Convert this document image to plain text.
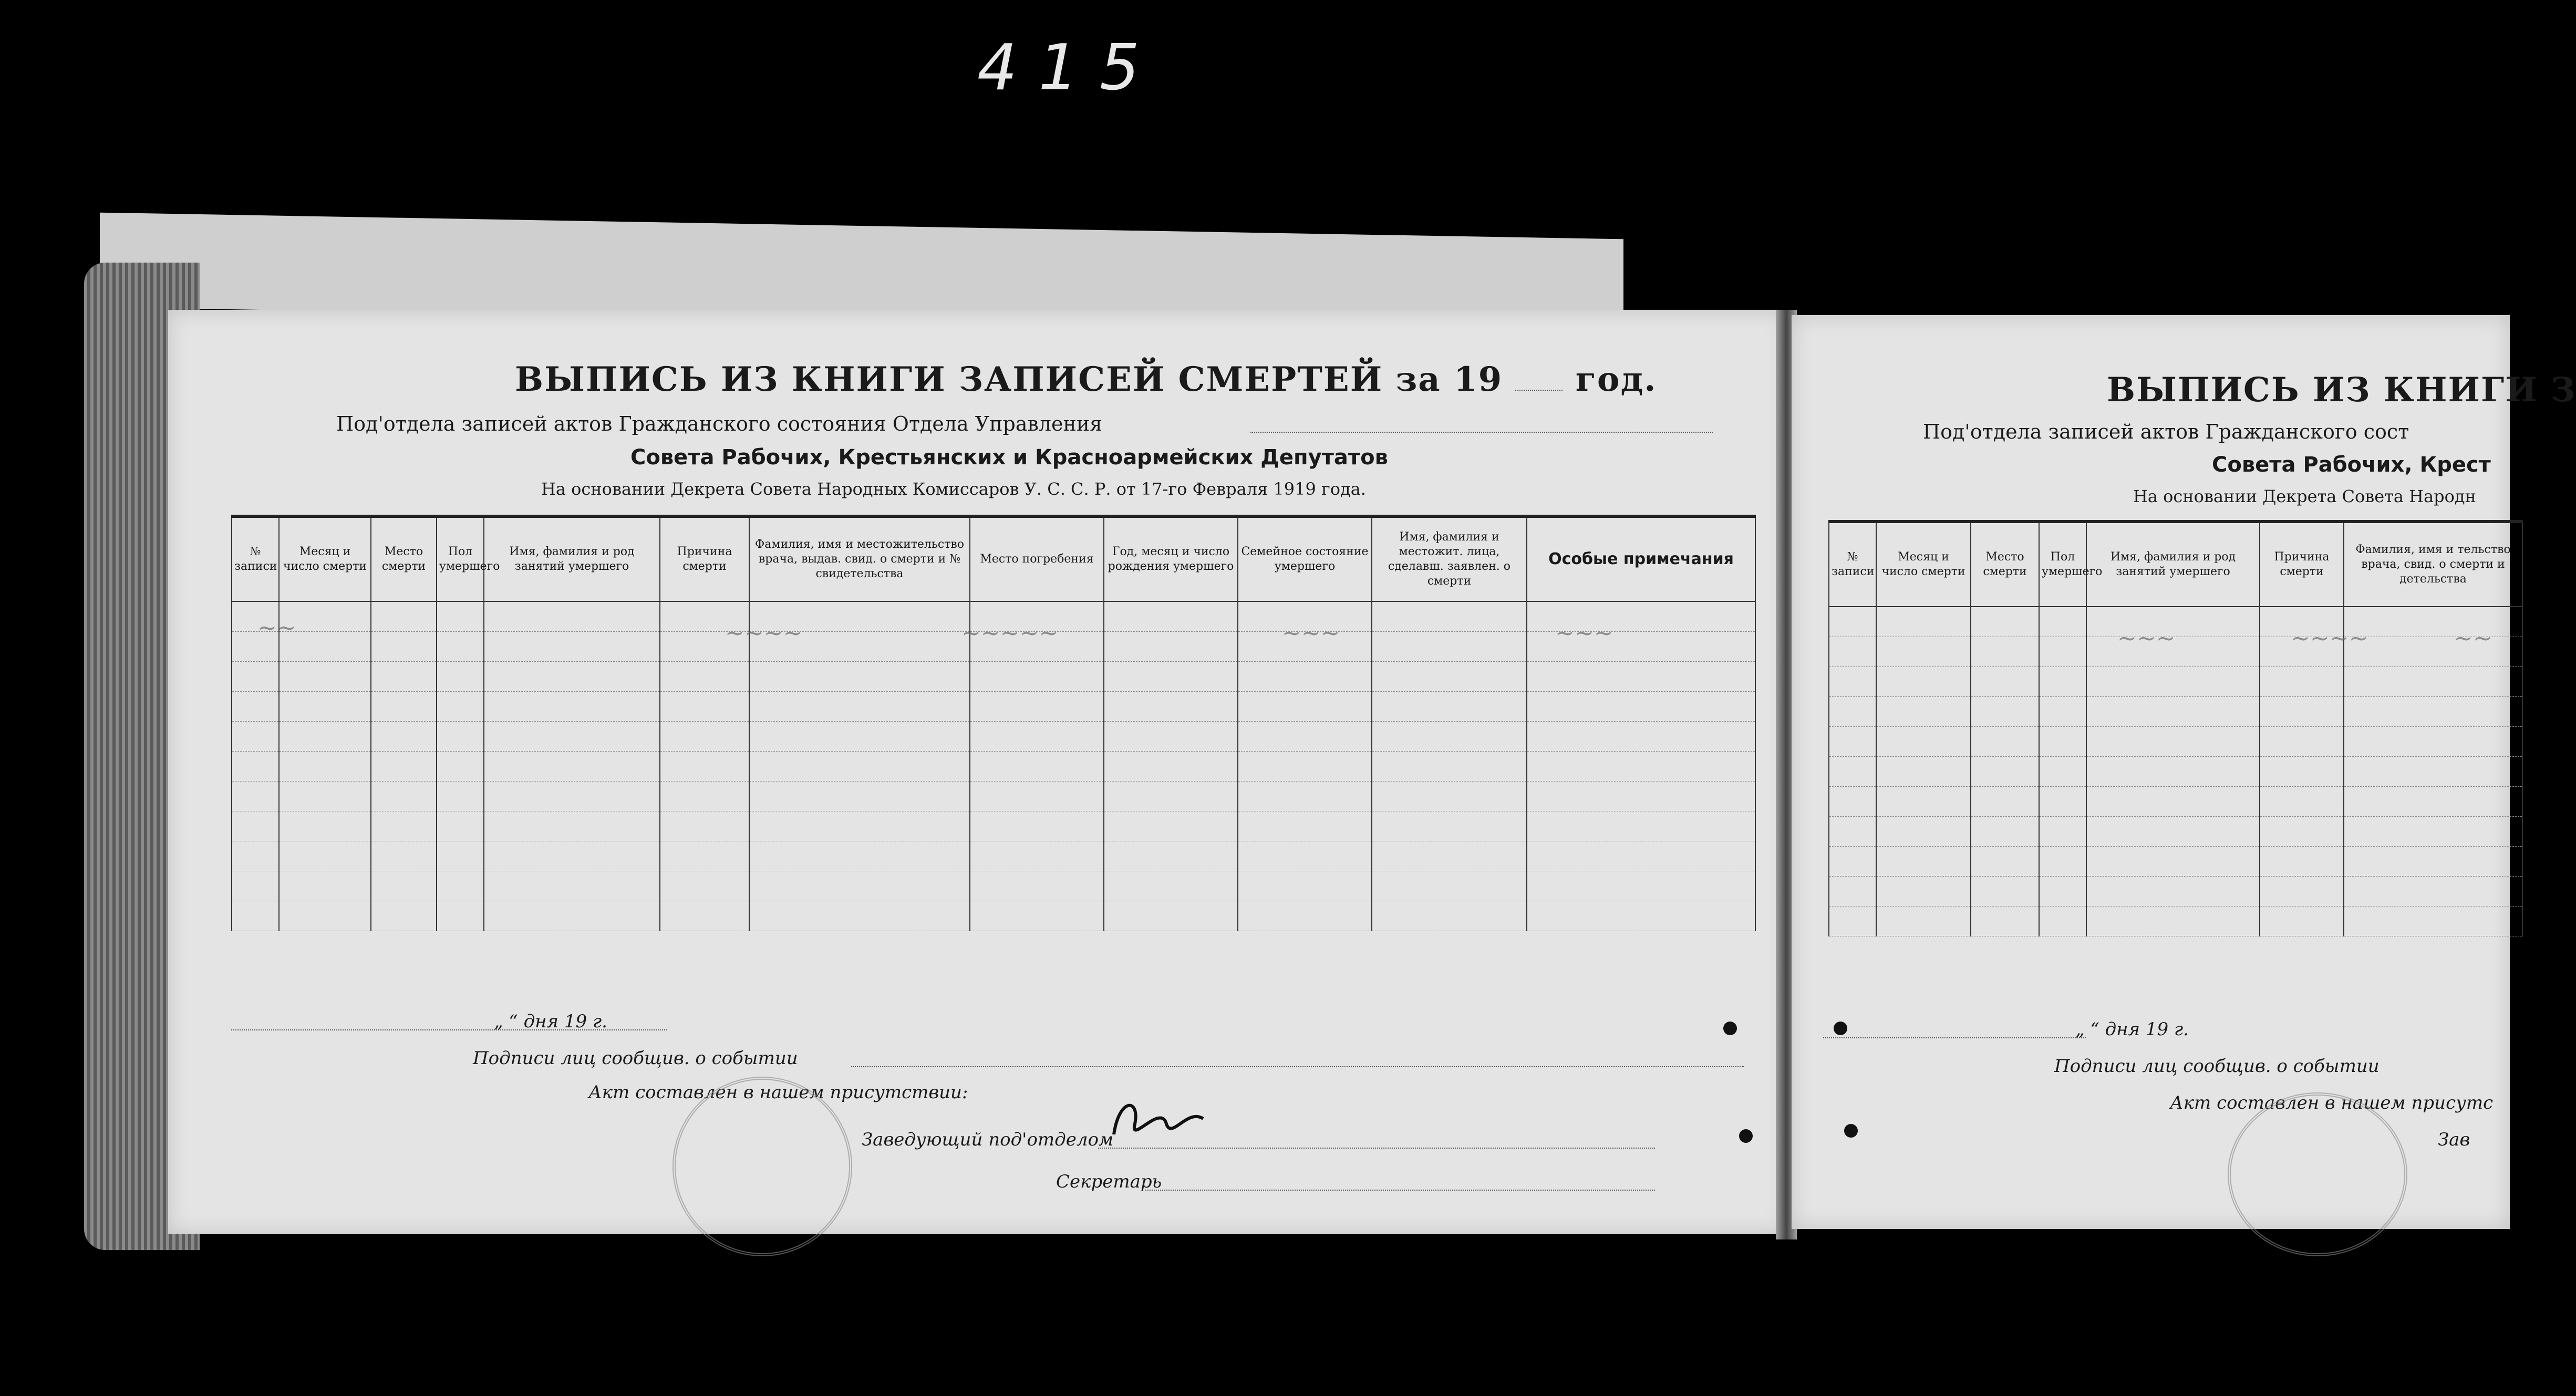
415
ВЫПИСЬ ИЗ КНИГИ ЗАПИСЕЙ СМЕРТЕЙ за 19 год.
Под'отдела записей актов Гражданского состояния Отдела Управления
Совета Рабочих, Крестьянских и Красноармейских Депутатов
На основании Декрета Совета Народных Комиссаров У. С. С. Р. от 17-го Февраля 1919 года.
№ записи	Месяц и число смерти	Место смерти	Пол умершего	Имя, фамилия и род занятий умершего	Причина смерти	Фамилия, имя и местожительство врача, выдав. свид. о смерти и № свидетельства	Место погребения	Год, месяц и число рождения умершего	Семейное состояние умершего	Имя, фамилия и местожит. лица, сделавш. заявлен. о смерти	Особые примечания

~~	~~~~	~~~~~	~~~	~~~
„ “ дня 19 г.
Подписи лиц сообщив. о событии
Акт составлен в нашем присутствии:
Заведующий под'отделом
Секретарь
ВЫПИСЬ ИЗ КНИГИ З
Под'отдела записей актов Гражданского сост
Совета Рабочих, Крест
На основании Декрета Совета Народн
№ записи	Месяц и число смерти	Место смерти	Пол умершего	Имя, фамилия и род занятий умершего	Причина смерти	Фамилия, имя и тельство врача, свид. о смерти и детельства

~~~	~~~~	~~
„ “ дня 19 г.
Подписи лиц сообщив. о событии
Акт составлен в нашем присутс
Зав
